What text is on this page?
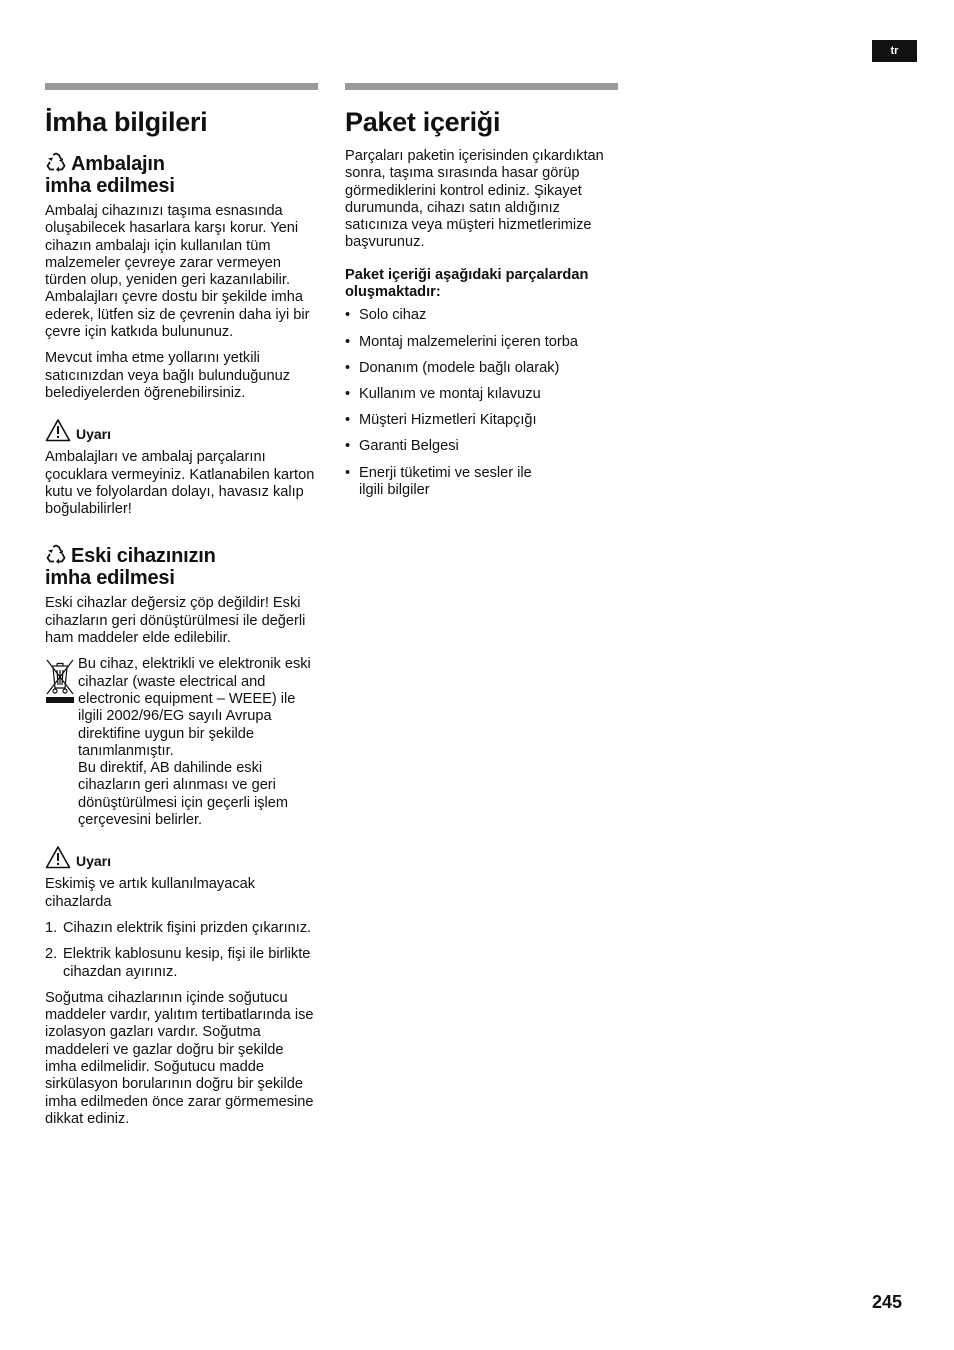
tr
İmha bilgileri
Ambalajın
imha edilmesi

Ambalaj cihazınızı taşıma esnasında oluşabilecek hasarlara karşı korur. Yeni cihazın ambalajı için kullanılan tüm malzemeler çevreye zarar vermeyen türden olup, yeniden geri kazanılabilir. Ambalajları çevre dostu bir şekilde imha ederek, lütfen siz de çevrenin daha iyi bir çevre için katkıda bulununuz.

Mevcut imha etme yollarını yetkili satıcınızdan veya bağlı bulunduğunuz belediyelerden öğrenebilirsiniz.

Uyarı

Ambalajları ve ambalaj parçalarını çocuklara vermeyiniz. Katlanabilen karton kutu ve folyolardan dolayı, havasız kalıp boğulabilirler!

Eski cihazınızın
imha edilmesi

Eski cihazlar değersiz çöp değildir! Eski cihazların geri dönüştürülmesi ile değerli ham maddeler elde edilebilir.

Bu cihaz, elektrikli ve elektronik eski cihazlar (waste electrical and electronic equipment – WEEE) ile ilgili 2002/96/EG sayılı Avrupa direktifine uygun bir şekilde tanımlanmıştır.

Bu direktif, AB dahilinde eski cihazların geri alınması ve geri dönüştürülmesi için geçerli işlem çerçevesini belirler.

Uyarı

Eskimiş ve artık kullanılmayacak cihazlarda

1. Cihazın elektrik fişini prizden çıkarınız.
2. Elektrik kablosunu kesip, fişi ile birlikte cihazdan ayırınız.

Soğutma cihazlarının içinde soğutucu maddeler vardır, yalıtım tertibatlarında ise izolasyon gazları vardır. Soğutma maddeleri ve gazlar doğru bir şekilde imha edilmelidir. Soğutucu madde sirkülasyon borularının doğru bir şekilde imha edilmeden önce zarar görmemesine dikkat ediniz.

Paket içeriği

Parçaları paketin içerisinden çıkardıktan sonra, taşıma sırasında hasar görüp görmediklerini kontrol ediniz. Şikayet durumunda, cihazı satın aldığınız satıcınıza veya müşteri hizmetlerimize başvurunuz.

Paket içeriği aşağıdaki parçalardan oluşmaktadır:

• Solo cihaz
• Montaj malzemelerini içeren torba
• Donanım (modele bağlı olarak)
• Kullanım ve montaj kılavuzu
• Müşteri Hizmetleri Kitapçığı
• Garanti Belgesi
• Enerji tüketimi ve sesler ile ilgili bilgiler
245
